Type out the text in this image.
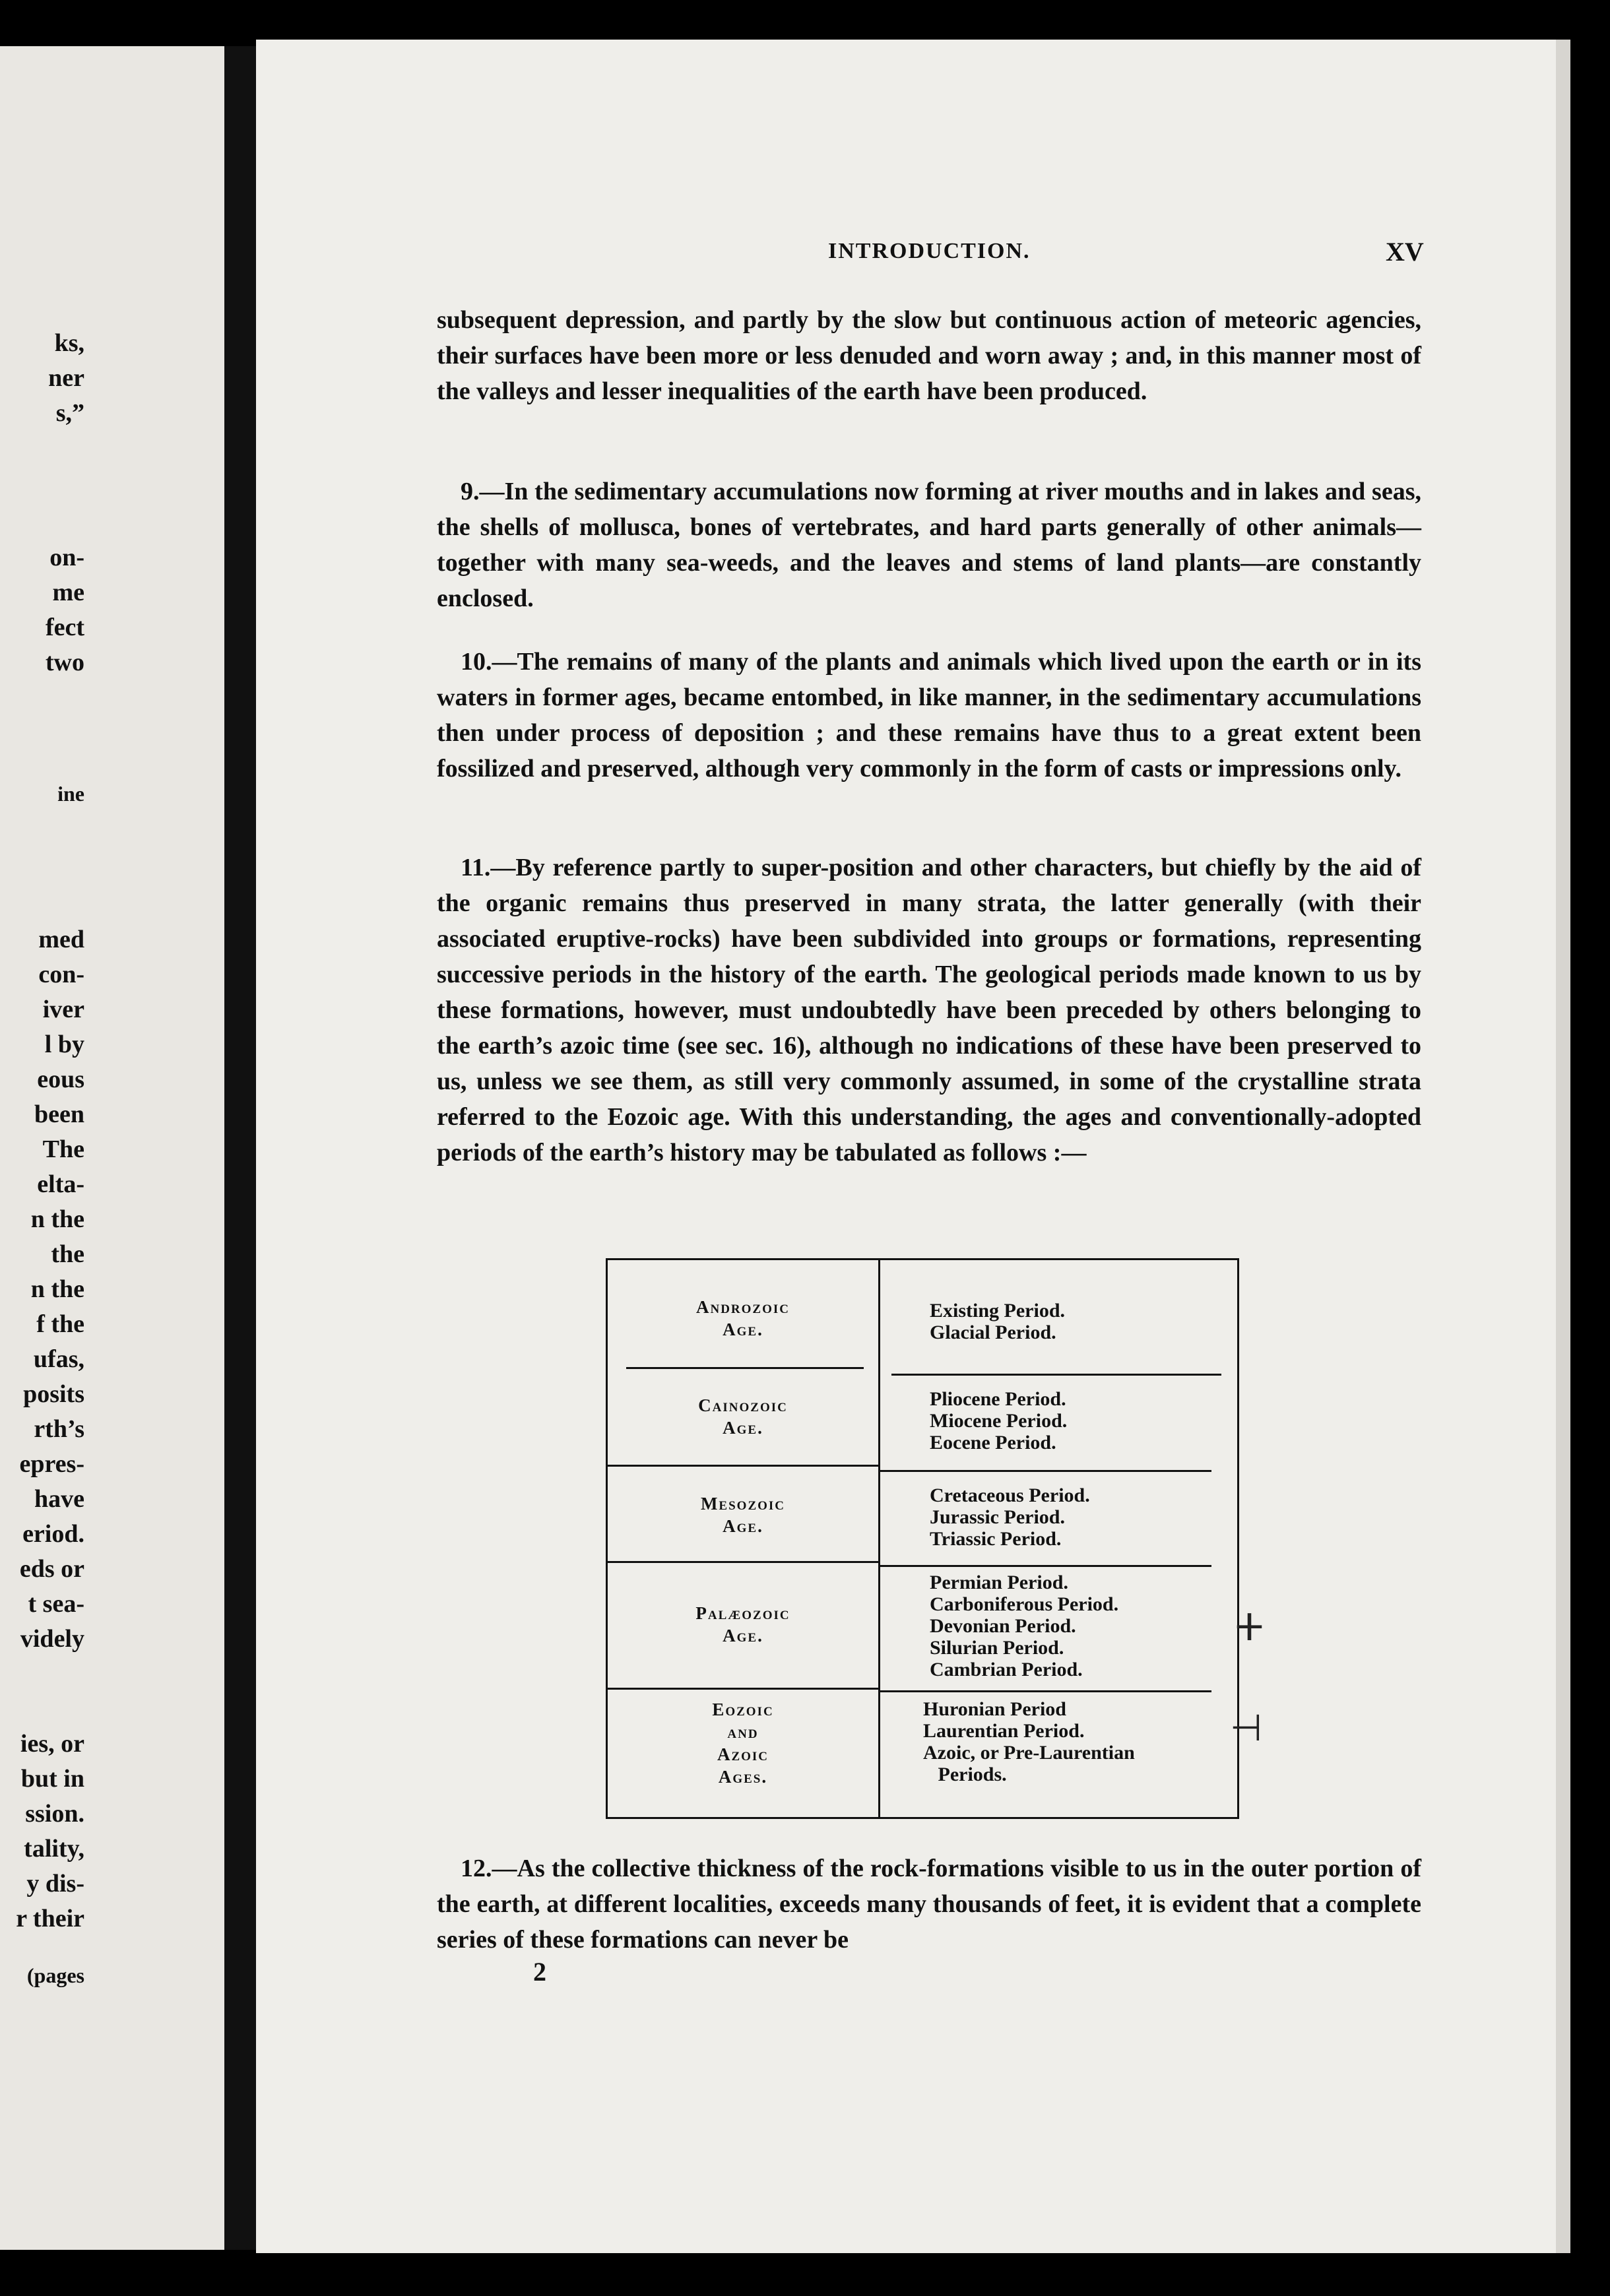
ks,
ner
s,”
on-
me
fect
two
ine
med
con-
iver
l by
eous
been
The
elta-
n the
the
n the
f the
ufas,
posits
rth’s
epres-
have
eriod.
eds or
t sea-
videly
ies, or
but in
ssion.
tality,
y dis-
r their
(pages
INTRODUCTION.	XV

subsequent depression, and partly by the slow but continuous action of meteoric agencies, their surfaces have been more or less denuded and worn away ; and, in this manner most of the valleys and lesser inequalities of the earth have been produced.

9.—In the sedimentary accumulations now forming at river mouths and in lakes and seas, the shells of mollusca, bones of vertebrates, and hard parts generally of other animals—together with many sea-weeds, and the leaves and stems of land plants—are constantly enclosed.

10.—The remains of many of the plants and animals which lived upon the earth or in its waters in former ages, became entombed, in like manner, in the sedimentary accumulations then under process of deposition ; and these remains have thus to a great extent been fossilized and preserved, although very commonly in the form of casts or impressions only.

11.—By reference partly to super-position and other characters, but chiefly by the aid of the organic remains thus preserved in many strata, the latter generally (with their associated eruptive-rocks) have been subdivided into groups or formations, representing successive periods in the history of the earth. The geological periods made known to us by these formations, however, must undoubtedly have been preceded by others belonging to the earth’s azoic time (see sec. 16), although no indications of these have been preserved to us, unless we see them, as still very commonly assumed, in some of the crystalline strata referred to the Eozoic age. With this understanding, the ages and conventionally-adopted periods of the earth’s history may be tabulated as follows :—

Androzoic
Age.
Existing Period.
Glacial Period.
Cainozoic
Age.
Pliocene Period.
Miocene Period.
Eocene Period.
Mesozoic
Age.
Cretaceous Period.
Jurassic Period.
Triassic Period.
Palæozoic
Age.
Permian Period.
Carboniferous Period.
Devonian Period.
Silurian Period.
Cambrian Period.
Eozoic
and
Azoic
Ages.
Huronian Period
Laurentian Period.
Azoic, or Pre-Laurentian
Periods.
ⵜ
⊣

12.—As the collective thickness of the rock-formations visible to us in the outer portion of the earth, at different localities, exceeds many thousands of feet, it is evident that a complete series of these formations can never be

2
